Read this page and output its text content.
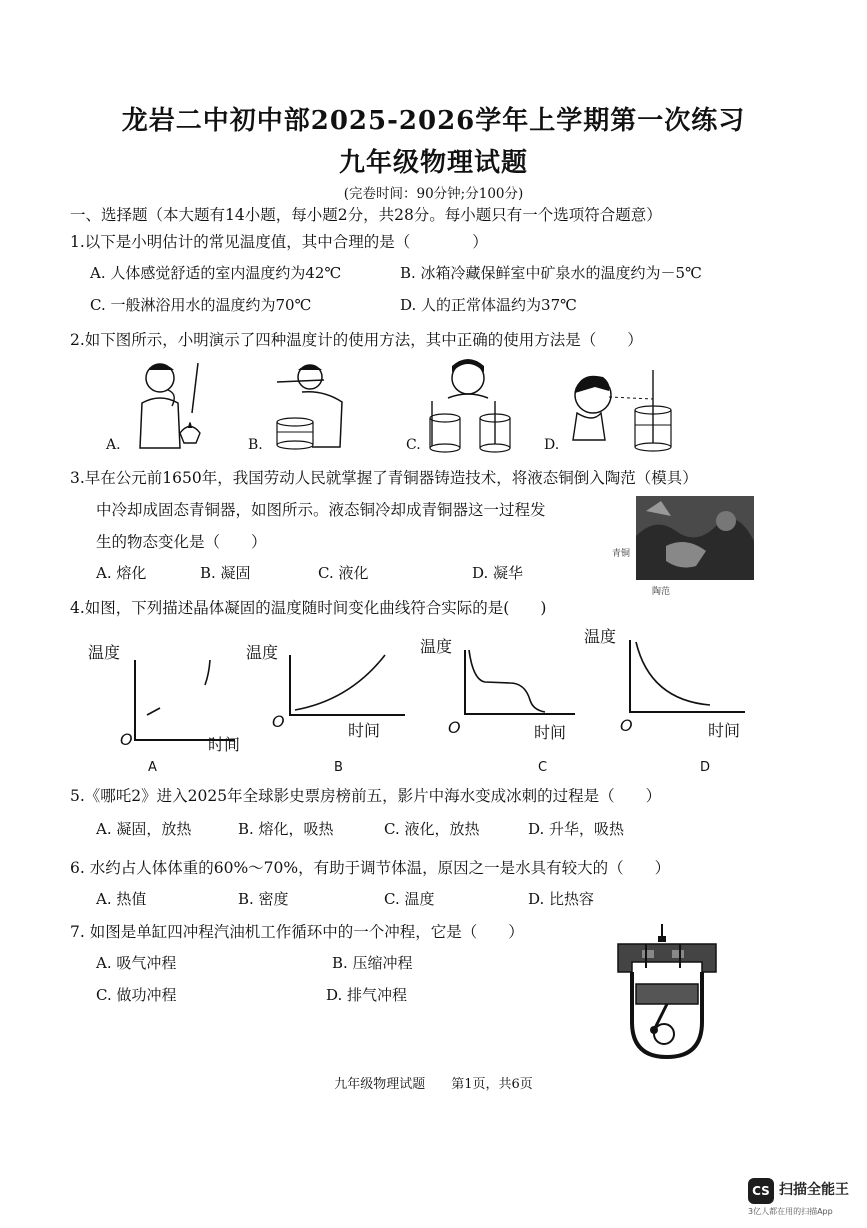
龙岩二中初中部2025-2026学年上学期第一次练习
九年级物理试题
(完卷时间：90分钟;分100分)
一、选择题（本大题有14小题，每小题2分，共28分。每小题只有一个选项符合题意）
1.以下是小明估计的常见温度值，其中合理的是（　　　　）
A. 人体感觉舒适的室内温度约为42℃	B. 冰箱冷藏保鲜室中矿泉水的温度约为－5℃
C. 一般淋浴用水的温度约为70℃	D. 人的正常体温约为37℃
2.如下图所示，小明演示了四种温度计的使用方法，其中正确的使用方法是（　　）
A.	B.	C.	D.
3.早在公元前1650年，我国劳动人民就掌握了青铜器铸造技术，将液态铜倒入陶范（模具）
中冷却成固态青铜器，如图所示。液态铜冷却成青铜器这一过程发
生的物态变化是（　　）
A. 熔化	B. 凝固	C. 液化	D. 凝华
青铜
陶范
4.如图，下列描述晶体凝固的温度随时间变化曲线符合实际的是(　　)
温度
O	时间
A
温度
O	时间
B
温度
O	时间
C
温度
O	时间
D
5.《哪吒2》进入2025年全球影史票房榜前五，影片中海水变成冰刺的过程是（　　）
A. 凝固，放热	B. 熔化，吸热	C. 液化，放热	D. 升华，吸热
6. 水约占人体体重的60%～70%，有助于调节体温，原因之一是水具有较大的（　　）
A. 热值	B. 密度	C. 温度	D. 比热容
7. 如图是单缸四冲程汽油机工作循环中的一个冲程，它是（　　）
A. 吸气冲程	B. 压缩冲程
C. 做功冲程	D. 排气冲程
九年级物理试题　　第1页，共6页
CS 扫描全能王
3亿人都在用的扫描App
